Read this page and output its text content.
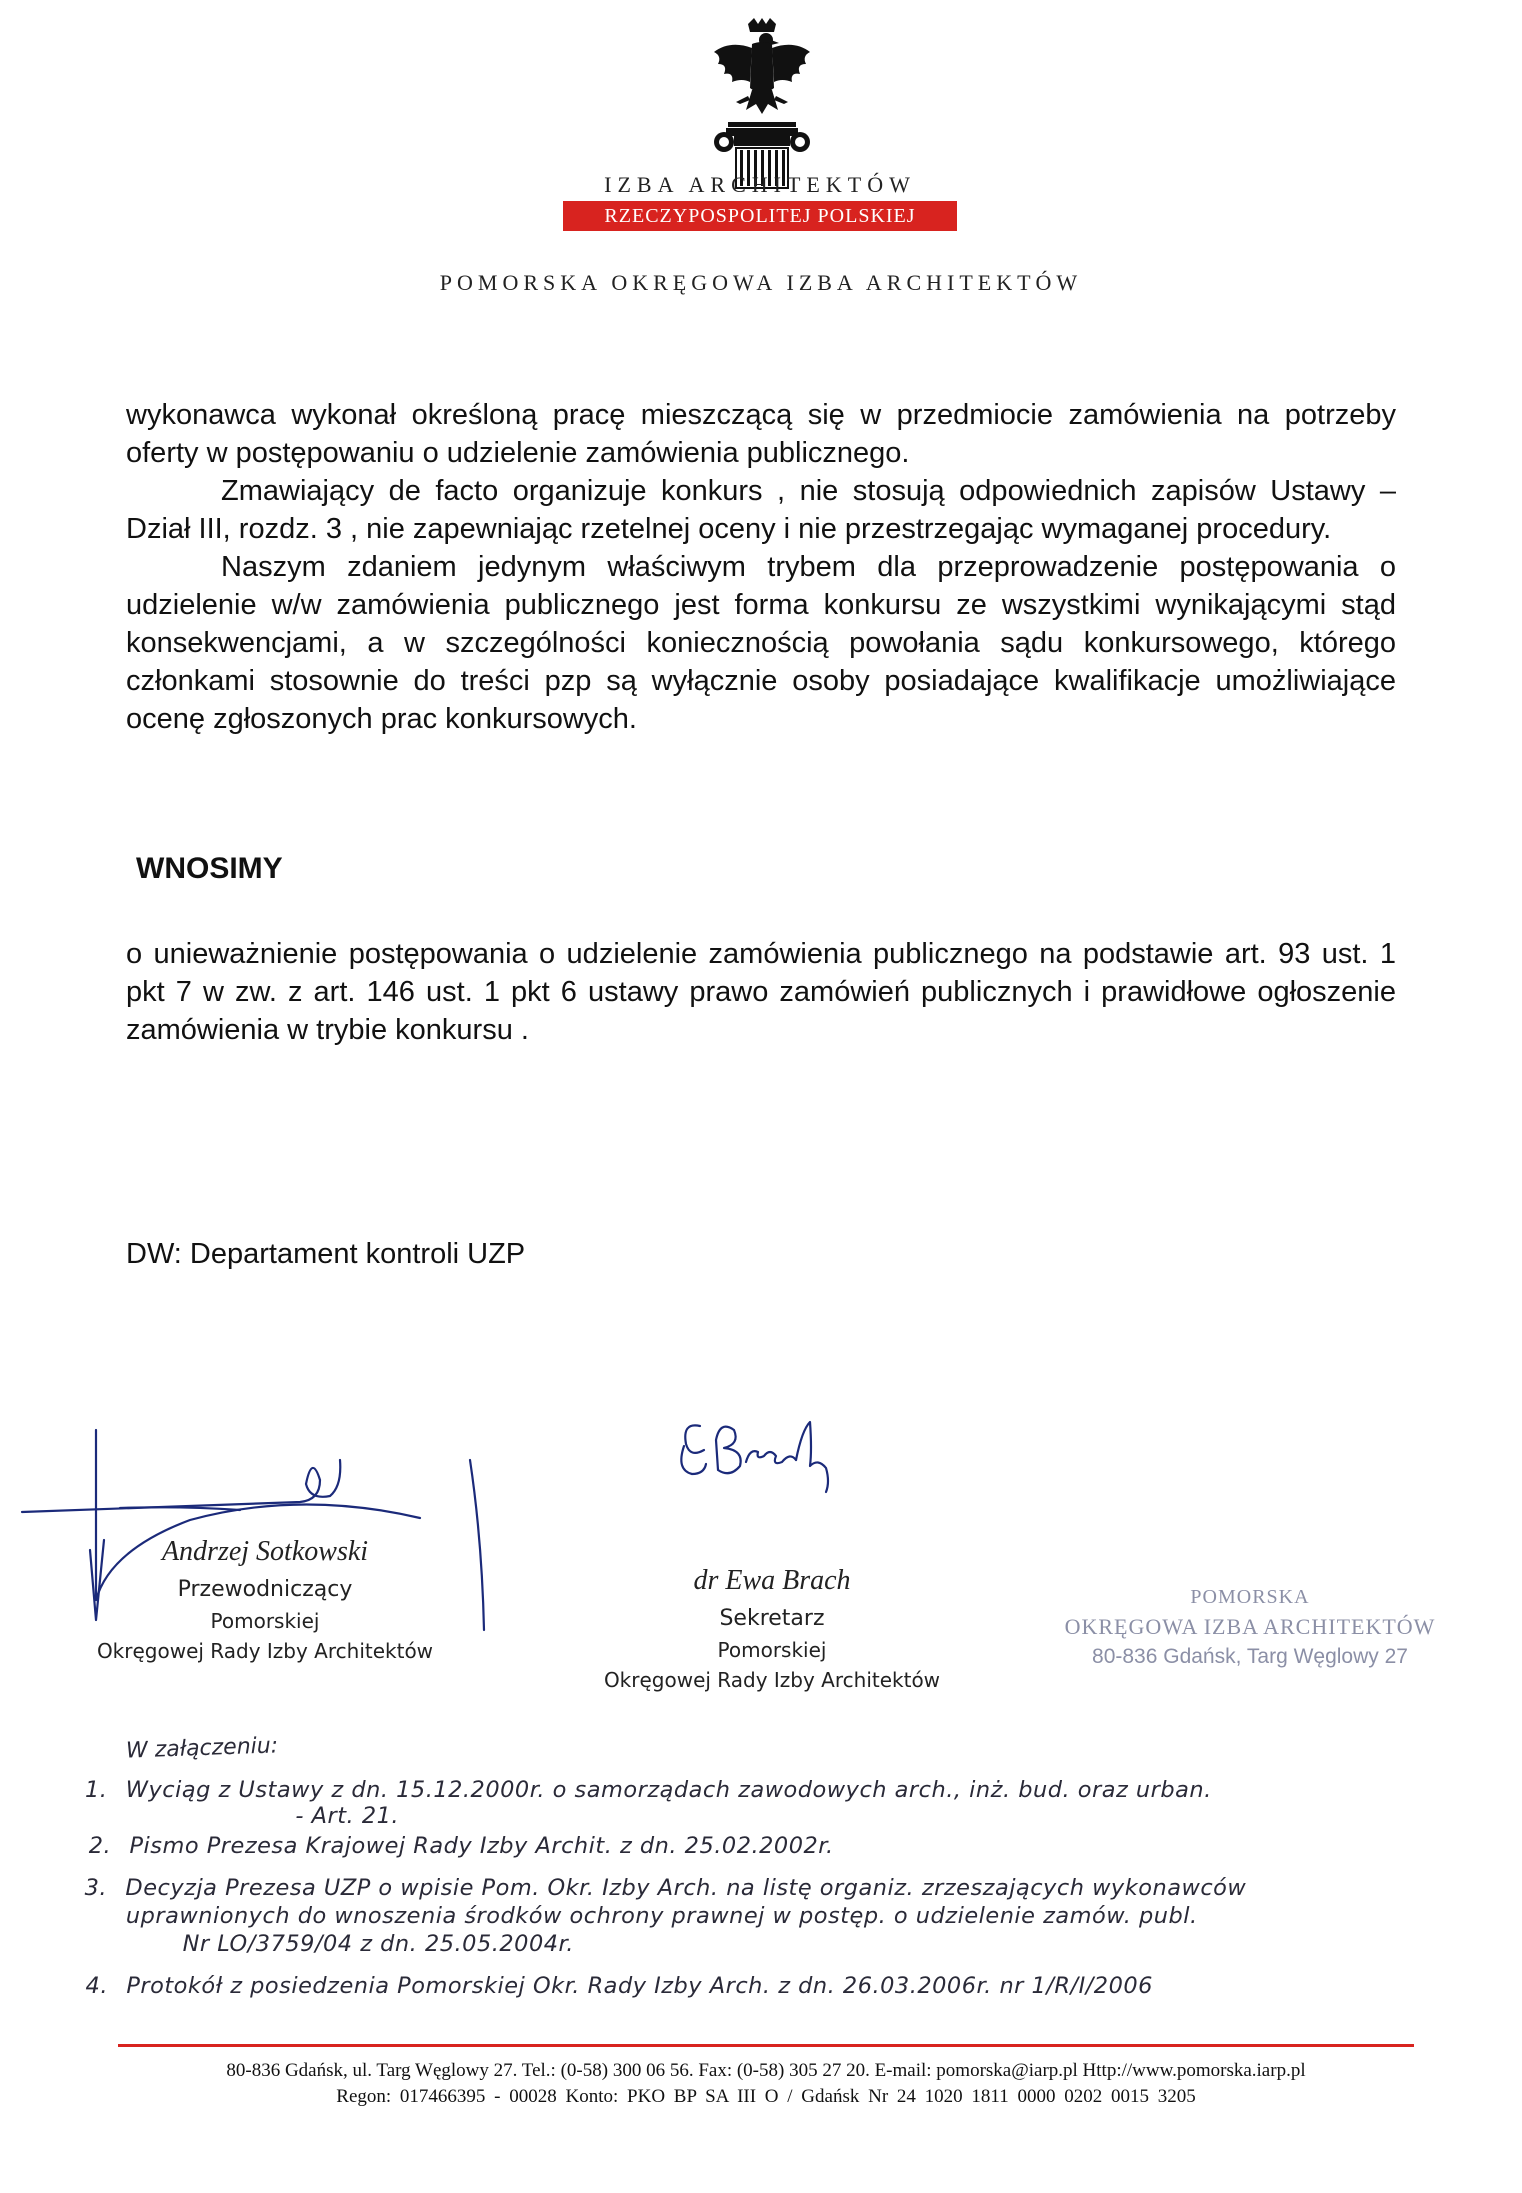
IZBA ARCHITEKTÓW
RZECZYPOSPOLITEJ POLSKIEJ
POMORSKA OKRĘGOWA IZBA ARCHITEKTÓW

wykonawca wykonał określoną pracę mieszczącą się w przedmiocie zamówienia na potrzeby oferty w postępowaniu o udzielenie zamówienia publicznego.

Zmawiający de facto organizuje konkurs , nie stosują odpowiednich zapisów Ustawy – Dział III, rozdz. 3 , nie zapewniając rzetelnej oceny i nie przestrzegając wymaganej procedury.

Naszym zdaniem jedynym właściwym trybem dla przeprowadzenie postępowania o udzielenie w/w zamówienia publicznego jest forma konkursu ze wszystkimi wynikającymi stąd konsekwencjami, a w szczególności koniecznością powołania sądu konkursowego, którego członkami stosownie do treści pzp są wyłącznie osoby posiadające kwalifikacje umożliwiające ocenę zgłoszonych prac konkursowych.

WNOSIMY
o unieważnienie postępowania o udzielenie zamówienia publicznego na podstawie art. 93 ust. 1 pkt 7 w zw. z art. 146 ust. 1 pkt 6 ustawy prawo zamówień publicznych i prawidłowe ogłoszenie zamówienia w trybie konkursu .
DW: Departament kontroli UZP
Andrzej Sotkowski
Przewodniczący
Pomorskiej
Okręgowej Rady Izby Architektów
dr Ewa Brach
Sekretarz
Pomorskiej
Okręgowej Rady Izby Architektów
POMORSKA
OKRĘGOWA IZBA ARCHITEKTÓW
80-836 Gdańsk, Targ Węglowy 27
W załączeniu:
1. Wyciąg z Ustawy z dn. 15.12.2000r. o samorządach zawodowych arch., inż. bud. oraz urban.
- Art. 21.
2. Pismo Prezesa Krajowej Rady Izby Archit. z dn. 25.02.2002r.
3. Decyzja Prezesa UZP o wpisie Pom. Okr. Izby Arch. na listę organiz. zrzeszających wykonawców
uprawnionych do wnoszenia środków ochrony prawnej w postęp. o udzielenie zamów. publ.
Nr LO/3759/04 z dn. 25.05.2004r.
4. Protokół z posiedzenia Pomorskiej Okr. Rady Izby Arch. z dn. 26.03.2006r. nr 1/R/I/2006
80-836 Gdańsk, ul. Targ Węglowy 27. Tel.: (0-58) 300 06 56. Fax: (0-58) 305 27 20. E-mail: pomorska@iarp.pl Http://www.pomorska.iarp.pl
Regon: 017466395 - 00028 Konto: PKO BP SA III O / Gdańsk Nr 24 1020 1811 0000 0202 0015 3205
